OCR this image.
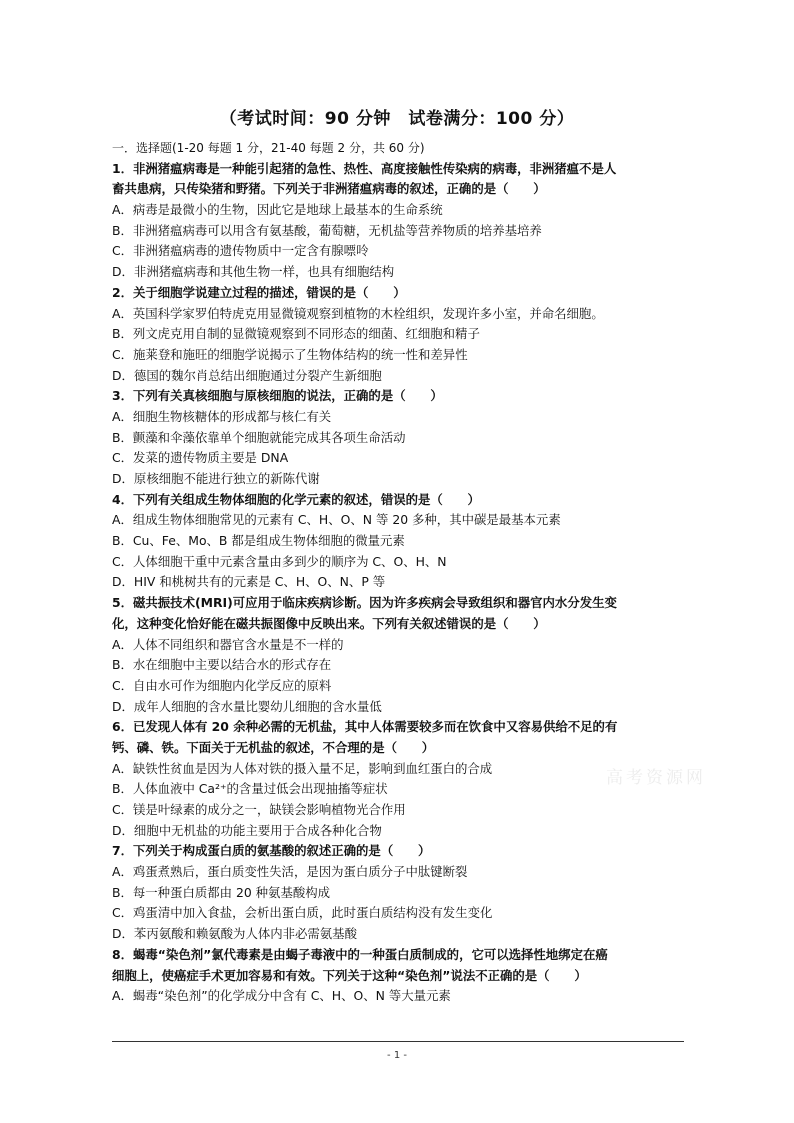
（考试时间：90 分钟　试卷满分：100 分）
一．选择题(1-20 每题 1 分，21-40 每题 2 分，共 60 分)
1．非洲猪瘟病毒是一种能引起猪的急性、热性、高度接触性传染病的病毒，非洲猪瘟不是人
畜共患病，只传染猪和野猪。下列关于非洲猪瘟病毒的叙述，正确的是（　　）
A．病毒是最微小的生物，因此它是地球上最基本的生命系统
B．非洲猪瘟病毒可以用含有氨基酸，葡萄糖，无机盐等营养物质的培养基培养
C．非洲猪瘟病毒的遗传物质中一定含有腺嘌呤
D．非洲猪瘟病毒和其他生物一样，也具有细胞结构
2．关于细胞学说建立过程的描述，错误的是（　　）
A．英国科学家罗伯特虎克用显微镜观察到植物的木栓组织，发现许多小室，并命名细胞。
B．列文虎克用自制的显微镜观察到不同形态的细菌、红细胞和精子
C．施莱登和施旺的细胞学说揭示了生物体结构的统一性和差异性
D．德国的魏尔肖总结出细胞通过分裂产生新细胞
3．下列有关真核细胞与原核细胞的说法，正确的是（　　）
A．细胞生物核糖体的形成都与核仁有关
B．颤藻和伞藻依靠单个细胞就能完成其各项生命活动
C．发菜的遗传物质主要是 DNA
D．原核细胞不能进行独立的新陈代谢
4．下列有关组成生物体细胞的化学元素的叙述，错误的是（　　）
A．组成生物体细胞常见的元素有 C、H、O、N 等 20 多种，其中碳是最基本元素
B．Cu、Fe、Mo、B 都是组成生物体细胞的微量元素
C．人体细胞干重中元素含量由多到少的顺序为 C、O、H、N
D．HIV 和桃树共有的元素是 C、H、O、N、P 等
5．磁共振技术(MRI)可应用于临床疾病诊断。因为许多疾病会导致组织和器官内水分发生变
化，这种变化恰好能在磁共振图像中反映出来。下列有关叙述错误的是（　　）
A．人体不同组织和器官含水量是不一样的
B．水在细胞中主要以结合水的形式存在
C．自由水可作为细胞内化学反应的原料
D．成年人细胞的含水量比婴幼儿细胞的含水量低
6．已发现人体有 20 余种必需的无机盐，其中人体需要较多而在饮食中又容易供给不足的有
钙、磷、铁。下面关于无机盐的叙述，不合理的是（　　）
A．缺铁性贫血是因为人体对铁的摄入量不足，影响到血红蛋白的合成
B．人体血液中 Ca²⁺的含量过低会出现抽搐等症状
C．镁是叶绿素的成分之一，缺镁会影响植物光合作用
D．细胞中无机盐的功能主要用于合成各种化合物
7．下列关于构成蛋白质的氨基酸的叙述正确的是（　　）
A．鸡蛋煮熟后，蛋白质变性失活，是因为蛋白质分子中肽键断裂
B．每一种蛋白质都由 20 种氨基酸构成
C．鸡蛋清中加入食盐，会析出蛋白质，此时蛋白质结构没有发生变化
D．苯丙氨酸和赖氨酸为人体内非必需氨基酸
8．蝎毒“染色剂”氯代毒素是由蝎子毒液中的一种蛋白质制成的，它可以选择性地绑定在癌
细胞上，使癌症手术更加容易和有效。下列关于这种“染色剂”说法不正确的是（　　）
A．蝎毒“染色剂”的化学成分中含有 C、H、O、N 等大量元素
高考资源网
- 1 -
